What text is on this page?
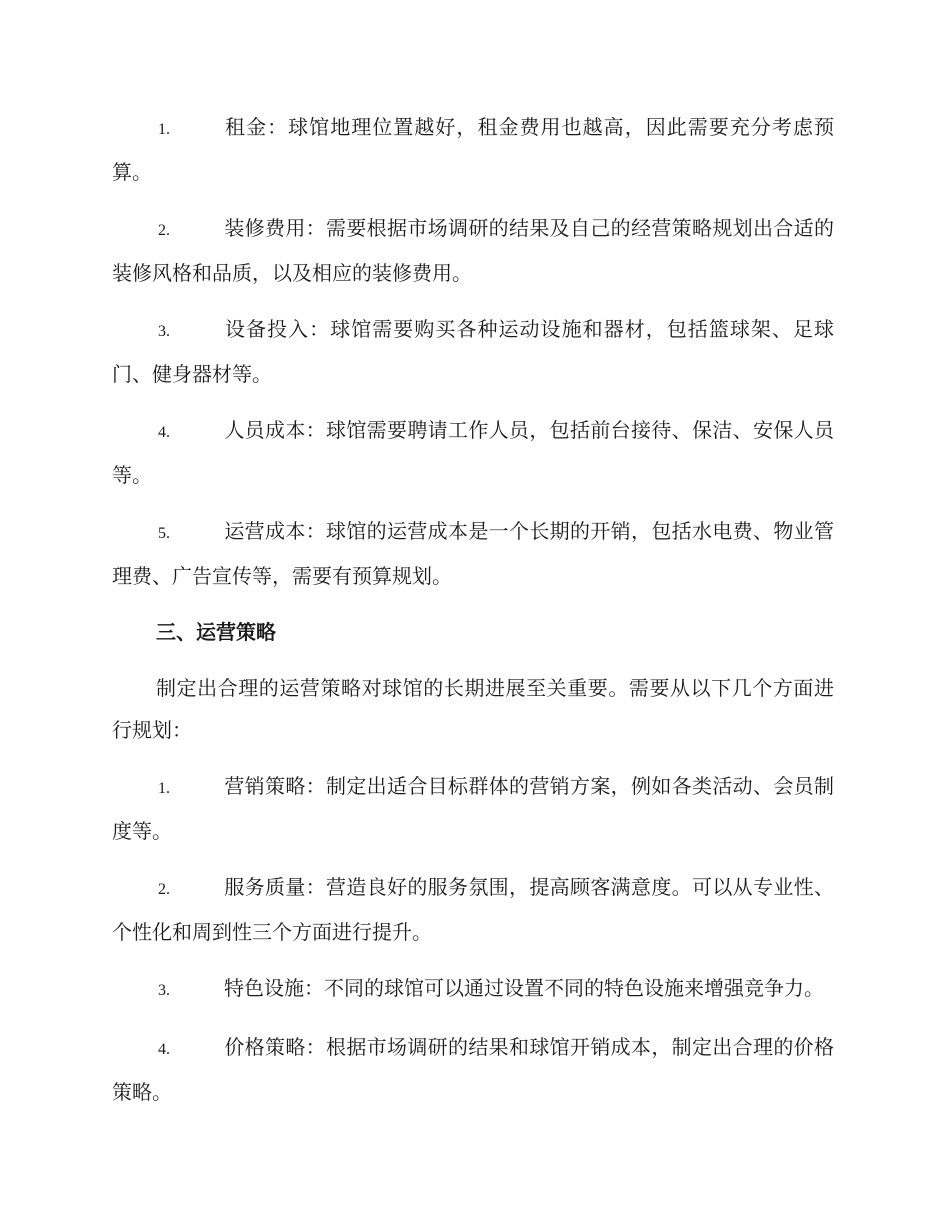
1.	租金：球馆地理位置越好，租金费用也越高，因此需要充分考虑预算。

2.	装修费用：需要根据市场调研的结果及自己的经营策略规划出合适的装修风格和品质，以及相应的装修费用。

3.	设备投入：球馆需要购买各种运动设施和器材，包括篮球架、足球门、健身器材等。

4.	人员成本：球馆需要聘请工作人员，包括前台接待、保洁、安保人员等。

5.	运营成本：球馆的运营成本是一个长期的开销，包括水电费、物业管理费、广告宣传等，需要有预算规划。

三、运营策略

制定出合理的运营策略对球馆的长期进展至关重要。需要从以下几个方面进行规划：

1.	营销策略：制定出适合目标群体的营销方案，例如各类活动、会员制度等。

2.	服务质量：营造良好的服务氛围，提高顾客满意度。可以从专业性、个性化和周到性三个方面进行提升。

3.	特色设施：不同的球馆可以通过设置不同的特色设施来增强竞争力。

4.	价格策略：根据市场调研的结果和球馆开销成本，制定出合理的价格策略。
